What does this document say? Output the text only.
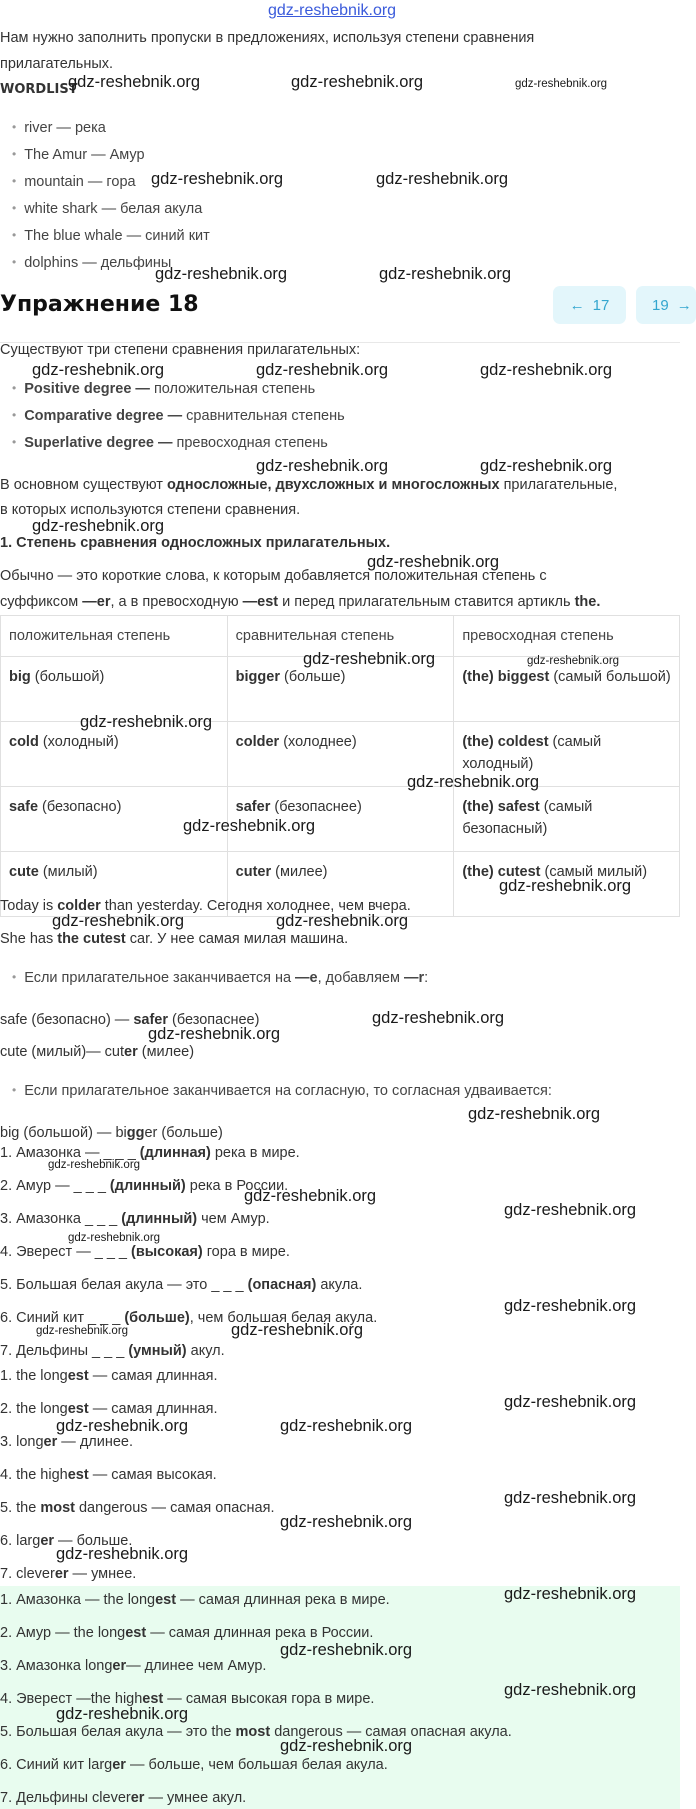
gdz-reshebnik.org
Нам нужно заполнить пропуски в предложениях, используя степени сравнения
прилагательных.
WORDLIST
• river — река
• The Amur — Амур
• mountain — гора
• white shark — белая акула
• The blue whale — синий кит
• dolphins — дельфины
Упражнение 18	← 17	19 →
Существуют три степени сравнения прилагательных:
• Positive degree — положительная степень
• Comparative degree — сравнительная степень
• Superlative degree — превосходная степень
В основном существуют односложные, двухсложных и многосложных прилагательные,
в которых используются степени сравнения.
1. Степень сравнения односложных прилагательных.
Обычно — это короткие слова, к которым добавляется положительная степень с
суффиксом —er, а в превосходную —est и перед прилагательным ставится артикль the.
положительная степень	сравнительная степень	превосходная степень
big (большой)	bigger (больше)	(the) biggest (самый большой)
cold (холодный)	colder (холоднее)	(the) coldest (самый холодный)
safe (безопасно)	safer (безопаснее)	(the) safest (самый безопасный)
cute (милый)	cuter (милее)	(the) cutest (самый милый)
Today is colder than yesterday. Сегодня холоднее, чем вчера.
She has the cutest car. У нее самая милая машина.
• Если прилагательное заканчивается на —e, добавляем —r:
safe (безопасно) — safer (безопаснее)
cute (милый)— cuter (милее)
• Если прилагательное заканчивается на согласную, то согласная удваивается:
big (большой) — bigger (больше)
1. Амазонка — _ _ _ (длинная) река в мире.
2. Амур — _ _ _ (длинный) река в России.
3. Амазонка _ _ _ (длинный) чем Амур.
4. Эверест — _ _ _ (высокая) гора в мире.
5. Большая белая акула — это _ _ _ (опасная) акула.
6. Синий кит _ _ _ (больше), чем большая белая акула.
7. Дельфины _ _ _ (умный) акул.
1. the longest — самая длинная.
2. the longest — самая длинная.
3. longer — длинее.
4. the highest — самая высокая.
5. the most dangerous — самая опасная.
6. larger — больше.
7. cleverer — умнее.
1. Амазонка — the longest — самая длинная река в мире.
2. Амур — the longest — самая длинная река в России.
3. Амазонка longer— длинее чем Амур.
4. Эверест —the highest — самая высокая гора в мире.
5. Большая белая акула — это the most dangerous — самая опасная акула.
6. Синий кит larger — больше, чем большая белая акула.
7. Дельфины cleverer — умнее акул.
gdz-reshebnik.org	gdz-reshebnik.org	gdz-reshebnik.org
gdz-reshebnik.org	gdz-reshebnik.org
gdz-reshebnik.org	gdz-reshebnik.org
gdz-reshebnik.org	gdz-reshebnik.org	gdz-reshebnik.org
gdz-reshebnik.org	gdz-reshebnik.org
gdz-reshebnik.org
gdz-reshebnik.org
gdz-reshebnik.org	gdz-reshebnik.org
gdz-reshebnik.org
gdz-reshebnik.org
gdz-reshebnik.org
gdz-reshebnik.org
gdz-reshebnik.org	gdz-reshebnik.org
gdz-reshebnik.org
gdz-reshebnik.org
gdz-reshebnik.org
gdz-reshebnik.org
gdz-reshebnik.org
gdz-reshebnik.org
gdz-reshebnik.org
gdz-reshebnik.org
gdz-reshebnik.org	gdz-reshebnik.org
gdz-reshebnik.org
gdz-reshebnik.org	gdz-reshebnik.org
gdz-reshebnik.org
gdz-reshebnik.org
gdz-reshebnik.org
gdz-reshebnik.org
gdz-reshebnik.org
gdz-reshebnik.org
gdz-reshebnik.org
gdz-reshebnik.org
